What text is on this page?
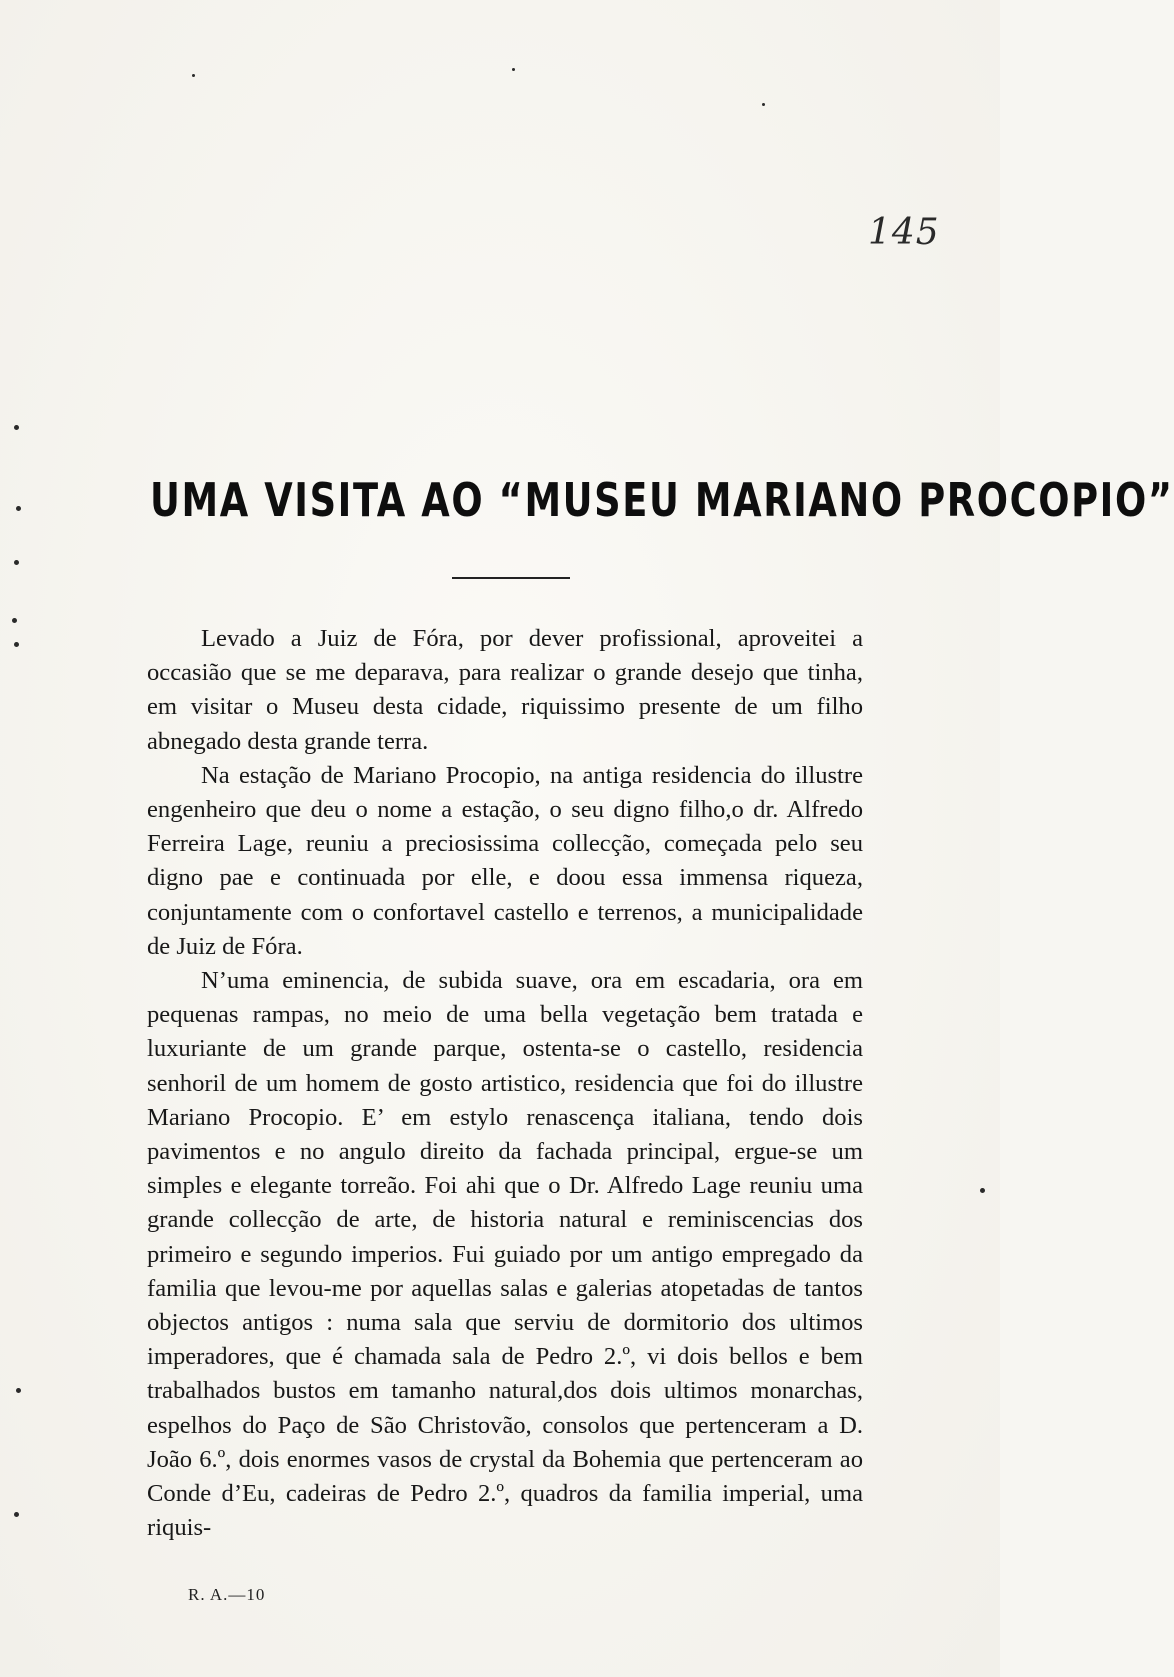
145
UMA VISITA AO “MUSEU MARIANO PROCOPIO”

Levado a Juiz de Fóra, por dever profissional, aproveitei a occasião que se me deparava, para realizar o grande desejo que tinha, em visitar o Museu desta cidade, riquissimo presente de um filho abnegado desta grande terra.

Na estação de Mariano Procopio, na antiga residencia do illustre engenheiro que deu o nome a estação, o seu digno filho,o dr. Alfredo Ferreira Lage, reuniu a preciosissima collecção, começada pelo seu digno pae e continuada por elle, e doou essa immensa riqueza, conjuntamente com o confortavel castello e terrenos, a municipalidade de Juiz de Fóra.

N’uma eminencia, de subida suave, ora em escadaria, ora em pequenas rampas, no meio de uma bella vegetação bem tratada e luxuriante de um grande parque, ostenta-se o castello, residencia senhoril de um homem de gosto artistico, residencia que foi do illustre Mariano Procopio. E’ em estylo renascença italiana, tendo dois pavimentos e no angulo direito da fachada principal, ergue-se um simples e elegante torreão. Foi ahi que o Dr. Alfredo Lage reuniu uma grande collecção de arte, de historia natural e reminiscencias dos primeiro e segundo imperios. Fui guiado por um antigo empregado da familia que levou-me por aquellas salas e galerias atopetadas de tantos objectos antigos : numa sala que serviu de dormitorio dos ultimos imperadores, que é chamada sala de Pedro 2.º, vi dois bellos e bem trabalhados bustos em tamanho natural,dos dois ultimos monarchas, espelhos do Paço de São Christovão, consolos que pertenceram a D. João 6.º, dois enormes vasos de crystal da Bohemia que pertenceram ao Conde d’Eu, cadeiras de Pedro 2.º, quadros da familia imperial, uma riquis-

R. A.—10
